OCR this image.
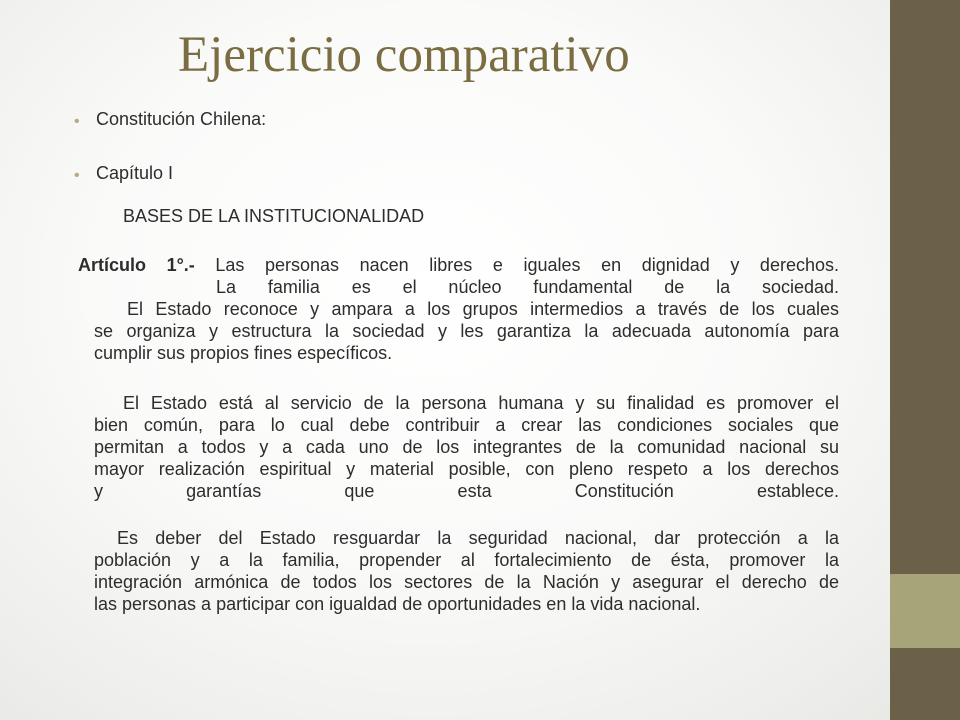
Ejercicio comparativo
• Constitución Chilena:
• Capítulo I
BASES DE LA INSTITUCIONALIDAD
Artículo 1°.- Las personas nacen libres e iguales en dignidad y derechos.
La familia es el núcleo fundamental de la sociedad.
El Estado reconoce y ampara a los grupos intermedios a través de los cuales
se organiza y estructura la sociedad y les garantiza la adecuada autonomía para
cumplir sus propios fines específicos.
El Estado está al servicio de la persona humana y su finalidad es promover el
bien común, para lo cual debe contribuir a crear las condiciones sociales que
permitan a todos y a cada uno de los integrantes de la comunidad nacional su
mayor realización espiritual y material posible, con pleno respeto a los derechos
y garantías que esta Constitución establece.
Es deber del Estado resguardar la seguridad nacional, dar protección a la
población y a la familia, propender al fortalecimiento de ésta, promover la
integración armónica de todos los sectores de la Nación y asegurar el derecho de
las personas a participar con igualdad de oportunidades en la vida nacional.
